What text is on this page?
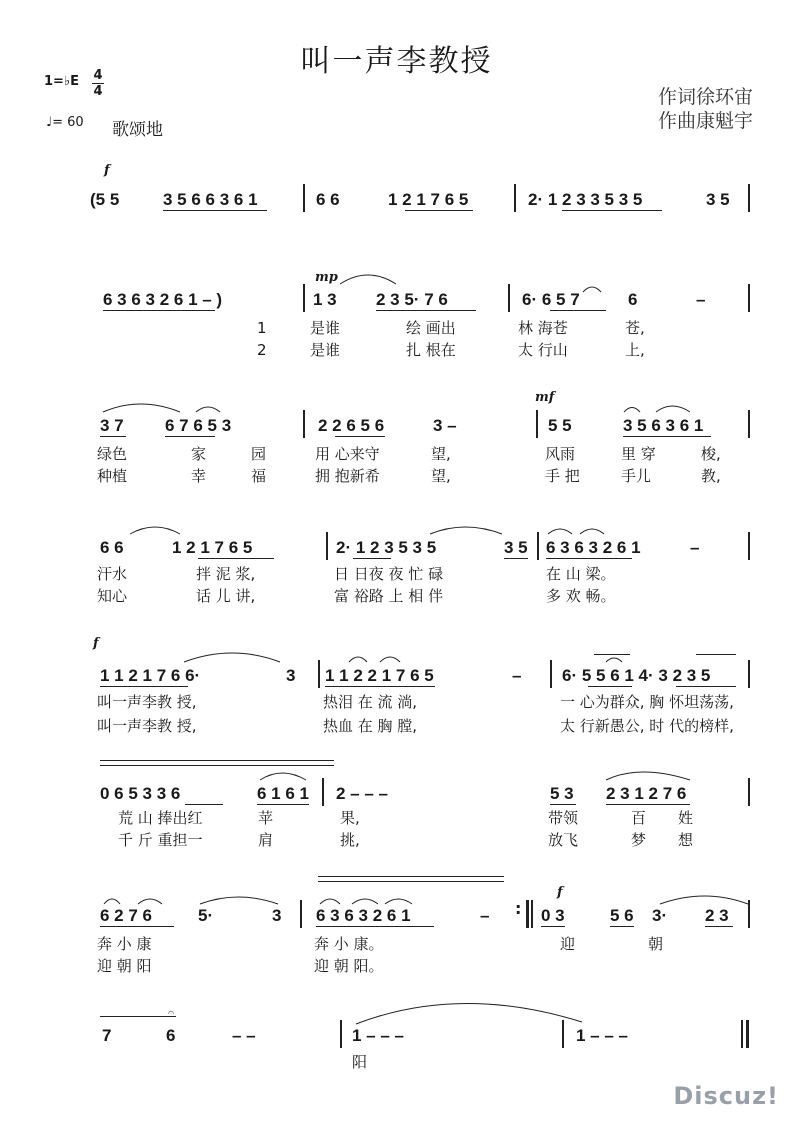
叫一声李教授
作词徐环宙
作曲康魁宇
1=♭E 4
4
♩= 60 歌颂地
f
(5 5	3 5 6 6 3 6 1	6 6	1 2 1 7 6 5	2· 1 2 3 3 5 3 5	3 5
mp
6 3 6 3 2 6 1 – )	1 3 2 3 5· 7 6	6· 6 5 7	6	–
1	是谁	绘 画出	林 海苍	苍,
2	是谁	扎 根在	太 行山	上,
mf
3 7 6 7 6 5 3	2 2 6 5 6	3 –	5 5	3 5 6 3 6 1
绿色	家	园	用 心来守	望,	风雨	里 穿	梭,
种植	幸	福	拥 抱新希	望,	手 把	手儿	教,
6 6	1 2 1 7 6 5	2· 1 2 3 5 3 5	3 5 6 3 6 3 2 6 1	–
汗水	拌 泥 浆,	日 日夜 夜 忙 碌	在 山 梁。
知心	话 儿 讲,	富 裕路 上 相 伴	多 欢 畅。
f
1 1 2 1 7 6 6·	3 1 1 2 2 1 7 6 5	– 6· 5 5 6 1 4· 3 2 3 5
叫一声李教 授,	热泪 在 流 淌,	一 心为群众, 胸 怀坦荡荡,
叫一声李教 授,	热血 在 胸 膛,	太 行新愚公, 时 代的榜样,
0 6 5 3 3 6	6 1 6 1 2 – – –	5 3 2 3 1 2 7 6
荒 山 捧出红	苹	果,	带领	百 姓
千 斤 重担一	肩	挑,	放飞	梦 想
f
6 2 7 6	5·	3 6 3 6 3 2 6 1	–	0 3	5 6 3· 2 3
:
奔 小 康	奔 小 康。	迎	朝
迎 朝 阳	迎 朝 阳。
𝄐
7	6	– –	1 – – –	1 – – –
阳
Discuz!
